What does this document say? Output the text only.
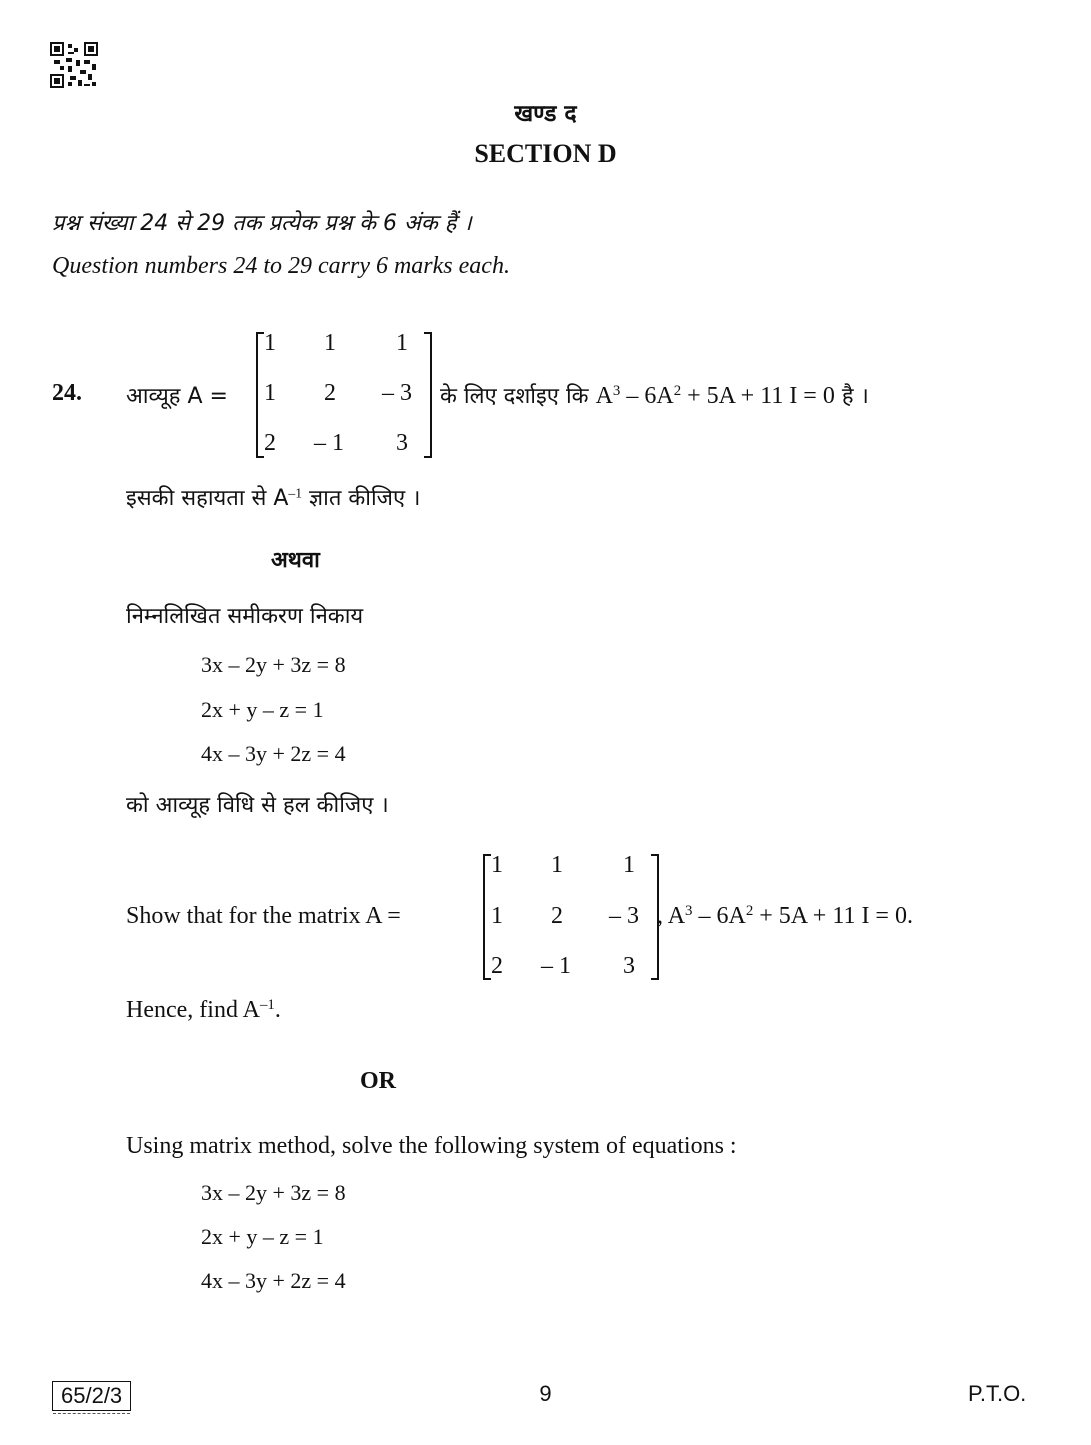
खण्ड द
SECTION D
प्रश्न संख्या 24 से 29 तक प्रत्येक प्रश्न के 6 अंक हैं ।
Question numbers 24 to 29 carry 6 marks each.
24. आव्यूह A =
1 1	1
1 2 – 3
2 – 1 3
के लिए दर्शाइए कि $A^3 - 6A^2 + 5A + 11$ I = 0 है ।
इसकी सहायता से $A^{-1}$ ज्ञात कीजिए ।
अथवा
निम्नलिखित समीकरण निकाय
3x – 2y + 3z = 8
2x + y – z = 1
4x – 3y + 2z = 4
को आव्यूह विधि से हल कीजिए ।
Show that for the matrix A =
1 1	1
1 2 – 3
2 – 1 3
, $A^3 - 6A^2 + 5A + 11$ I = 0.
Hence, find $A^{-1}$.
OR
Using matrix method, solve the following system of equations :
3x – 2y + 3z = 8
2x + y – z = 1
4x – 3y + 2z = 4
65/2/3	9	P.T.O.
